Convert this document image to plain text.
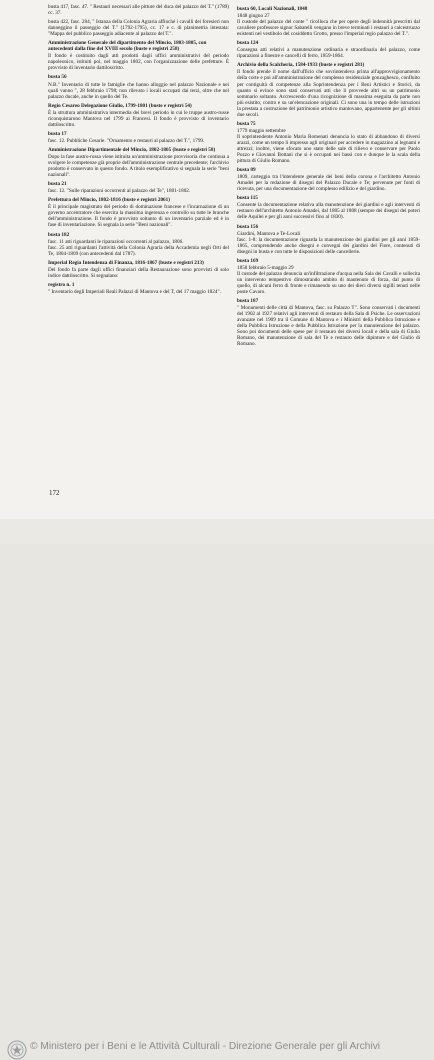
busta 417, fasc. 47. " Restauri necessari alle pitture del duca del palazzo del T." (1789) cc. 37.
busta 422, fasc. 284, " Istanza della Colonia Agraria affinché i cavalli dei foresieri non danneggino il passeggio del T." (1792-1795), cc. 17 e c. di planimetria intestata: "Mappa del pubblico passeggio adiacente al palazzo del T.".
Amministrazione Generale del dipartimento del Mincio, 1803-1805, con antecedenti dalla fine del XVIII secolo (buste e registri 258)
Il fondo è costituito dagli atti prodotti dagli uffici amministrativi del periodo napoleonico, istituiti poi, nel maggio 1802, con l'organizzazione delle prefetture. È provvisto di inventario dattiloscritto.
busta 56
N.B." Inventario di tutte le famiglie che hanno alloggio nel palazzo Nazionale e nei quali vanno ", 28 febbraio 1798; non rilevato i locali occupati dai terzi, oltre che nel palazzo ducale, anche in quello del Te.
Regio Cesareo Delegazione Giulio, 1799-1801 (buste e registri 54)
È la struttura amministrativa intermedia dei brevi periodo in cui le truppe austro-russe riconquistarono Mantova nel 1799 ai Francesi. Il fondo è provvisto di inventario dattiloscritto.
busta 17
fasc. 12. Pubbliche Cesarie. "Ornamento e restauri al palazzo del T.", 1799.
Amministrazione Dipartimentale del Mincio, 1802-1805 (buste e registri 58)
Dopo la fase austro-russa viene istituita un'amministrazione provvisoria che continua a svolgere le competenze già proprie dell'amministrazione centrale precedente; l'archivio prodotto è conservato in questo fondo. A titolo esemplificativo si segnala la serie "beni nazionali".
busta 21
fasc. 12. "Sulle riparazioni occorrenti al palazzo del Te", 1801-1802.
Prefettura del Mincio, 1802-1816 (buste e registri 2061)
È il principale magistrato del periodo di dominazione francese e l'incarnazione di un governo accentratore che esercita la massima ingerenza e controllo su tutte le branche dell'amministrazione. Il fondo è provvisto soltanto di un inventario parziale ed è in fase di inventariazione. Si segnala la serie "Beni nazionali".
busta 182
fasc. 11 atti riguardanti le riparazioni occorrenti al palazzo, 1806.
fasc. 25 atti riguardanti l'attività della Colonia Agraria della Accademia negli Orti del Te, 1804-1809 (con antecedenti dal 1787).
Imperial Regia Intendenza di Finanza, 1816-1867 (buste e registri 213)
Del fondo fa parte dagli uffici finanziari della Restaurazione sono provvisti di solo indice dattiloscritto. Si segnalano:
registro n. 1
" Inventario degli Imperiali Reali Palazzi di Mantova e del T, del 17 maggio 1824".
busta 60, Locali Nazionali, 1848
1848 giugno 27
Il custode del palazzo del conte " ricolloca che per opere degli indennità prescritti dal cavaliere professore signor Sabatelli vengano in breve terminati i restauri a calcestruzzo esistenti nel vestibolo del cosiddetto Grotto, presso l'imperial regio palazzo del T.".
busta 124
Consegna atti relativi a manutenzione ordinaria e straordinaria del palazzo, come riparazioni a finestre e cancelli di ferro, 1859-1864.
Archivio della Scalcheria, 1584-1933 (buste e registri 281)
Il fondo prende il nome dall'ufficio che sovrintendeva prima all'approvvigionamento della corte e poi all'amministrazione del complesso residenziale gonzaghesco, confluito per contiguità di competenze alla Soprintendenza per i Beni Artistici e Storici, da quanto si evince sono stati conservati atti che li provvede altri su un patrimonio sommario soltanto. Accrescendo d'una ricognizione di massima eseguita da parte non più esistito, contro e su un'elencazione originali. Ci sono una in tempo delle istruzioni la prestata a costruzione del patrimonio artistico mantovano, appartenente per gli ultimi due secoli.
busta 75
1779 maggio settembre
Il soprintendente Antonio Maria Romenati denuncia lo stato di abbandono di diversi arazzi, come un tempo li impresso agli originari per accedere in magazzino ai legnami e attrezzi; inoltre, viene sfocato uno stato delle sale di rilievo e conservare per Paolo Pozzo e Giovanni Bottani che si è occupati nei bassi con e dunque le la scala della pittura di Giulio Romano.
busta 89
1809, carteggio tra l'intendente generale dei beni della corona e l'architetto Antonio Amadei per la redazione di disegni del Palazzo Ducale e Te; pervenute per fonti di ricevuta, per una documentazione del complesso edilizio e del giardino.
busta 115
Consente la documentazione relativa alla manutenzione dei giardini e agli interventi di restauro dell'architetto Antonio Amadei, dal 1805 al 1808 (sempre dei disegni dei poteri delle Aquilei e per gli anni successivi fino al 1830).
busta 156
Giardini, Mantova e Te-Locali
fasc. 1-8: la documentazione riguarda la manutenzione dei giardini per gli anni 1859-1865, comprendendo anche disegni e convegni dei giardini del Fiore, contenuti di disegni in busta e con tutte le disposizioni delle cancellerie.
busta 169
1858 febbraio 5-maggio 29
Il custode del palazzo denuncia un'infiltrazione d'acqua nella Sala dei Cavalli e sollecita un intervento tempestivo dimostrando ambito di mantenuto di forza, dal punto di quello, di alcuni ferro di fronte e rimanendo su uno dei dieci diversi sigilli tenuti nelle poste Cavaro.
busta 187
" Monumenti delle città di Mantova, fasc. su Palazzo T". Sono conservati i documenti del 1902 al 1927 relativi agli interventi di restauro della Sala di Psiche. Le osservazioni avanzate nel 1909 tra il Comune di Mantova e i Ministri della Pubblica Istruzione e della Pubblica Istruzione e della Pubblica Istruzione per la manutenzione del palazzo. Sono poi documenti delle spese per il restauro dei diversi locali e della sala di Giulio Romano, dei manutenzione di sala del Te e restauro delle dipinture e del Giulio di Romano.
172
© Ministero per i Beni e le Attività Culturali - Direzione Generale per gli Archivi
